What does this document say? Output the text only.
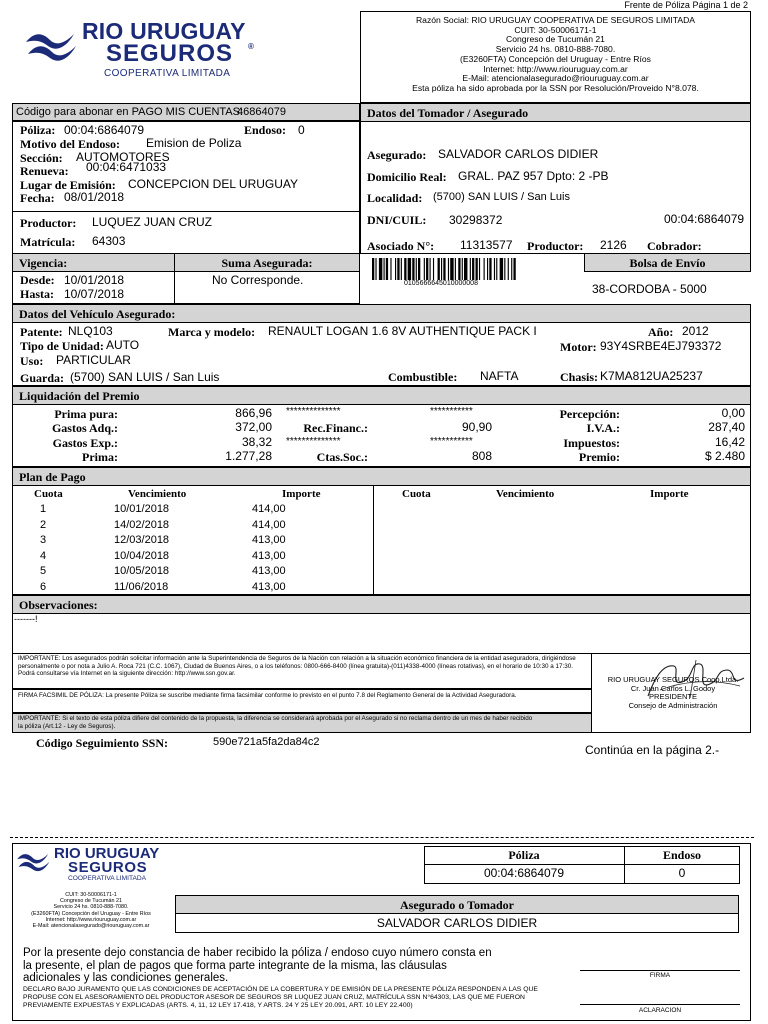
Frente de Póliza Página 1 de 2
RIO URUGUAY
SEGUROS ®
COOPERATIVA LIMITADA
Razón Social: RIO URUGUAY COOPERATIVA DE SEGUROS LIMITADA
CUIT: 30-50006171-1
Congreso de Tucumán 21
Servicio 24 hs. 0810-888-7080.
(E3260FTA) Concepción del Uruguay - Entre Ríos
Internet: http://www.riouruguay.com.ar
E-Mail: atencionalasegurado@riouruguay.com.ar
Esta póliza ha sido aprobada por la SSN por Resolución/Proveido N°8.078.
Código para abonar en PAGO MIS CUENTAS:
46864079	Datos del Tomador / Asegurado
Póliza: 00:04:6864079	Endoso: 0
Motivo del Endoso: Emision de Poliza
Sección: AUTOMOTORES
Renueva: 00:04:6471033
Lugar de Emisión: CONCEPCION DEL URUGUAY
Fecha: 08/01/2018
Productor: LUQUEZ JUAN CRUZ
Matrícula: 64303
Asegurado: SALVADOR CARLOS DIDIER
Domicilio Real: GRAL. PAZ 957 Dpto: 2 -PB
Localidad: (5700) SAN LUIS / San Luis
DNI/CUIL: 30298372	00:04:6864079
Asociado N°: 11313577 Productor: 2126 Cobrador:
Vigencia:	Suma Asegurada:
Desde: 10/01/2018
Hasta: 10/07/2018
No Corresponde.	0105666645010000008
Bolsa de Envío
38-CORDOBA - 5000
Datos del Vehículo Asegurado:
Patente: NLQ103	Marca y modelo: RENAULT LOGAN 1.6 8V AUTHENTIQUE PACK I	Año: 2012
Tipo de Unidad: AUTO	Motor: 93Y4SRBE4EJ793372
Uso: PARTICULAR
Guarda: (5700) SAN LUIS / San Luis	Combustible: NAFTA	Chasis: K7MA812UA25237
Liquidación del Premio
Prima pura:	866,96
Gastos Adq.:	372,00
Gastos Exp.:	38,32
Prima:	1.277,28
**************	***********
Rec.Financ.:	90,90
**************	***********
Ctas.Soc.:	808
Percepción:	0,00
I.V.A.:	287,40
Impuestos:	16,42
Premio:	$ 2.480
Plan de Pago
Cuota	Vencimiento	Importe	Cuota	Vencimiento	Importe
1	10/01/2018	414,00
2	14/02/2018	414,00
3	12/03/2018	413,00
4	10/04/2018	413,00
5	10/05/2018	413,00
6	11/06/2018	413,00
Observaciones:
-------!
IMPORTANTE: Los asegurados podrán solicitar información ante la Superintendencia de Seguros de la Nación con relación a la situación económico financiera de la entidad aseguradora, dirigiéndose personalmente o por nota a Julio A. Roca 721 (C.C. 1067), Ciudad de Buenos Aires, o a los teléfonos: 0800-666-8400 (línea gratuita)-(011)4338-4000 (líneas rotativas), en el horario de 10:30 a 17:30. Podrá consultarse vía Internet en la siguiente dirección: http://www.ssn.gov.ar.
FIRMA FACSIMIL DE PÓLIZA: La presente Póliza se suscribe mediante firma facsimilar conforme lo previsto en el punto 7.8 del Reglamento General de la Actividad Aseguradora.
IMPORTANTE: Si el texto de esta póliza difiere del contenido de la propuesta, la diferencia se considerará aprobada por el Asegurado si no reclama dentro de un mes de haber recibido la póliza (Art.12 - Ley de Seguros).
RIO URUGUAY SEGUROS Coop.Ltda.
Cr. Juan Carlos L. Godoy
PRESIDENTE
Consejo de Administración
Código Seguimiento SSN:	590e721a5fa2da84c2
Continúa en la página 2.-
RIO URUGUAY
SEGUROS
COOPERATIVA LIMITADA
CUIT: 30-50006171-1
Congreso de Tucumán 21
Servicio 24 hs. 0810-888-7080.
(E3260FTA) Concepción del Uruguay - Entre Ríos
Internet: http://www.riouruguay.com.ar
E-Mail: atencionalasegurado@riouruguay.com.ar
Póliza	Endoso
00:04:6864079	0
Asegurado o Tomador
SALVADOR CARLOS DIDIER
Por la presente dejo constancia de haber recibido la póliza / endoso cuyo número consta en la presente, el plan de pagos que forma parte integrante de la misma, las cláusulas adicionales y las condiciones generales.
DECLARO BAJO JURAMENTO QUE LAS CONDICIONES DE ACEPTACIÓN DE LA COBERTURA Y DE EMISIÓN DE LA PRESENTE PÓLIZA RESPONDEN A LAS QUE PROPUSE CON EL ASESORAMIENTO DEL PRODUCTOR ASESOR DE SEGUROS SR LUQUEZ JUAN CRUZ, MATRÍCULA SSN N°64303, LAS QUE ME FUERON PREVIAMENTE EXPUESTAS Y EXPLICADAS (ARTS. 4, 11, 12 LEY 17.418, Y ARTS. 24 Y 25 LEY 20.091, ART. 10 LEY 22.400)
FIRMA
ACLARACION
